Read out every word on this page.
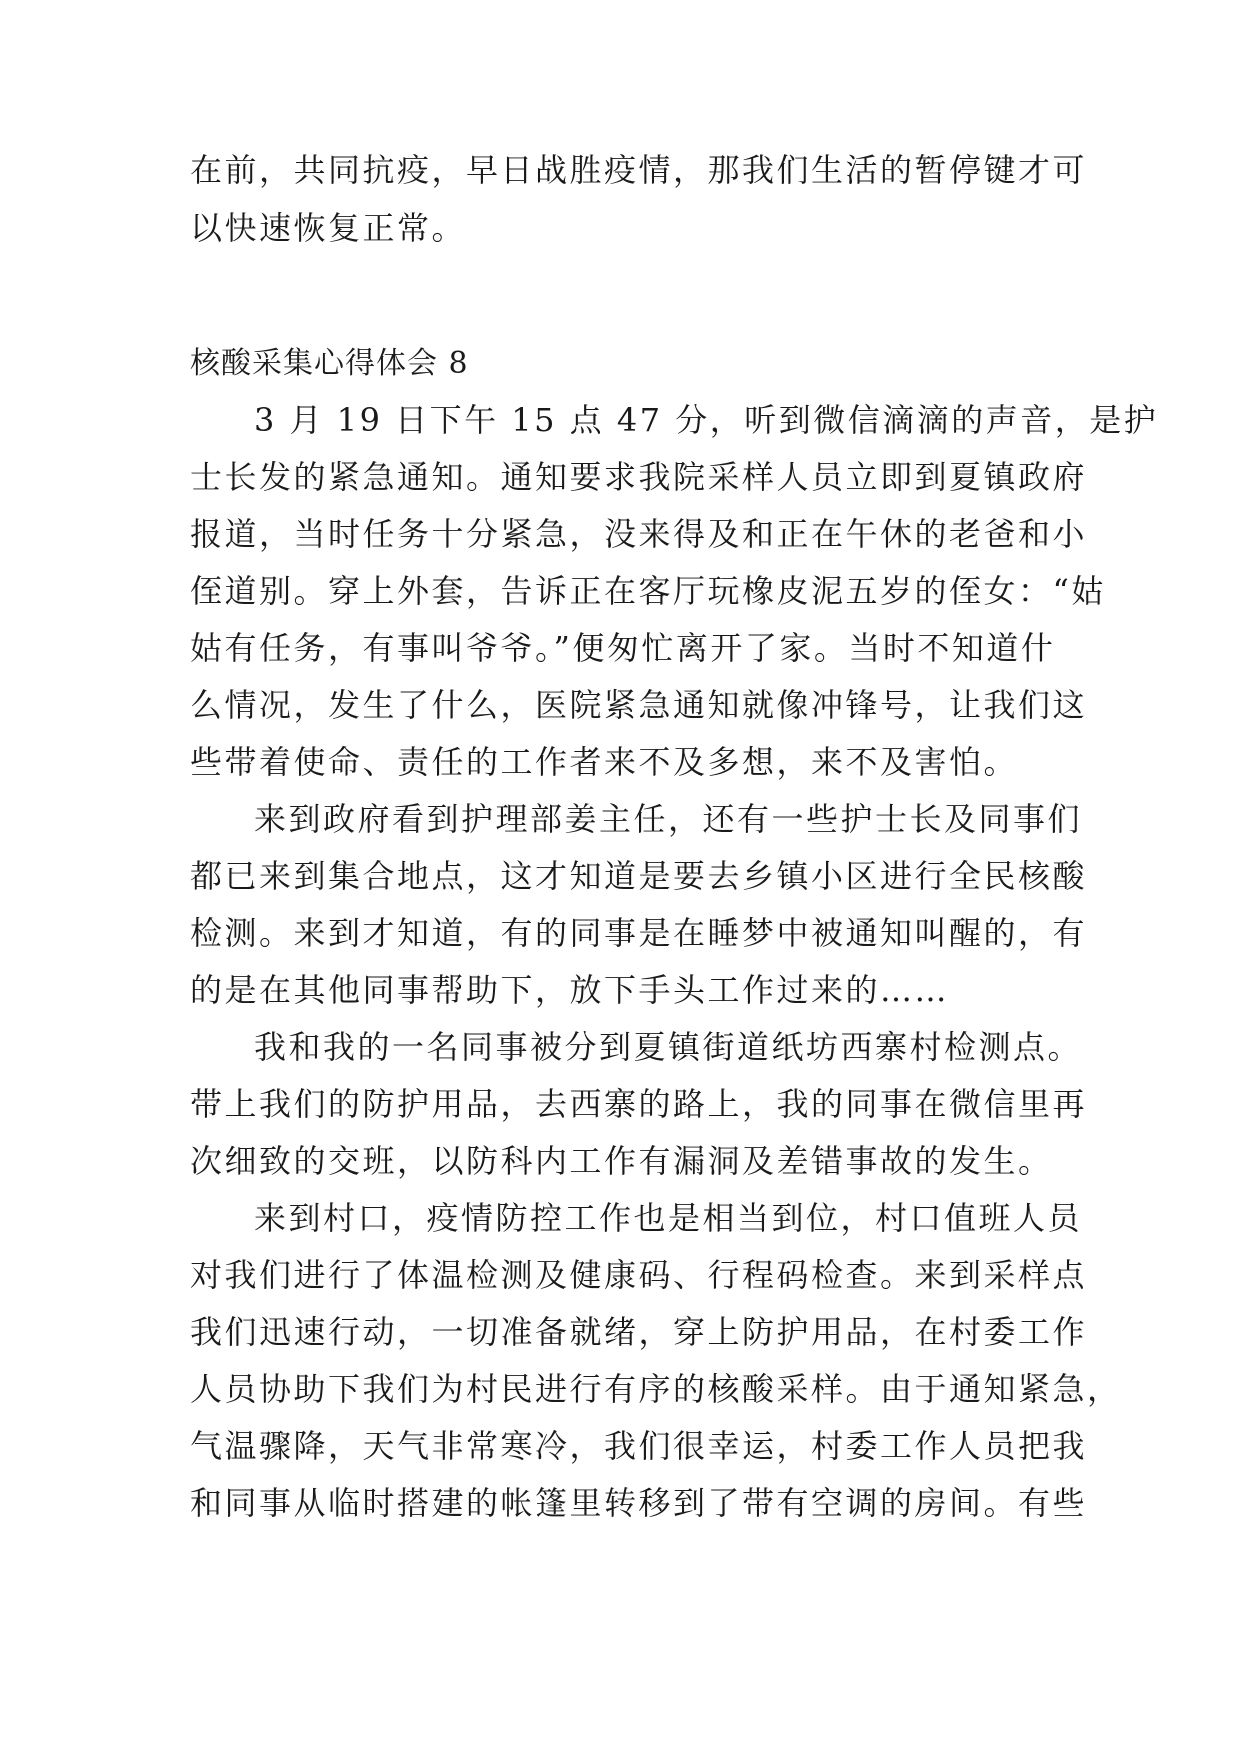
在前，共同抗疫，早日战胜疫情，那我们生活的暂停键才可
以快速恢复正常。
核酸采集心得体会 8
3 月 19 日下午 15 点 47 分，听到微信滴滴的声音，是护
士长发的紧急通知。通知要求我院采样人员立即到夏镇政府
报道，当时任务十分紧急，没来得及和正在午休的老爸和小
侄道别。穿上外套，告诉正在客厅玩橡皮泥五岁的侄女：“姑
姑有任务，有事叫爷爷。”便匆忙离开了家。当时不知道什
么情况，发生了什么，医院紧急通知就像冲锋号，让我们这
些带着使命、责任的工作者来不及多想，来不及害怕。
来到政府看到护理部姜主任，还有一些护士长及同事们
都已来到集合地点，这才知道是要去乡镇小区进行全民核酸
检测。来到才知道，有的同事是在睡梦中被通知叫醒的，有
的是在其他同事帮助下，放下手头工作过来的……
我和我的一名同事被分到夏镇街道纸坊西寨村检测点。
带上我们的防护用品，去西寨的路上，我的同事在微信里再
次细致的交班，以防科内工作有漏洞及差错事故的发生。
来到村口，疫情防控工作也是相当到位，村口值班人员
对我们进行了体温检测及健康码、行程码检查。来到采样点
我们迅速行动，一切准备就绪，穿上防护用品，在村委工作
人员协助下我们为村民进行有序的核酸采样。由于通知紧急，
气温骤降，天气非常寒冷，我们很幸运，村委工作人员把我
和同事从临时搭建的帐篷里转移到了带有空调的房间。有些
